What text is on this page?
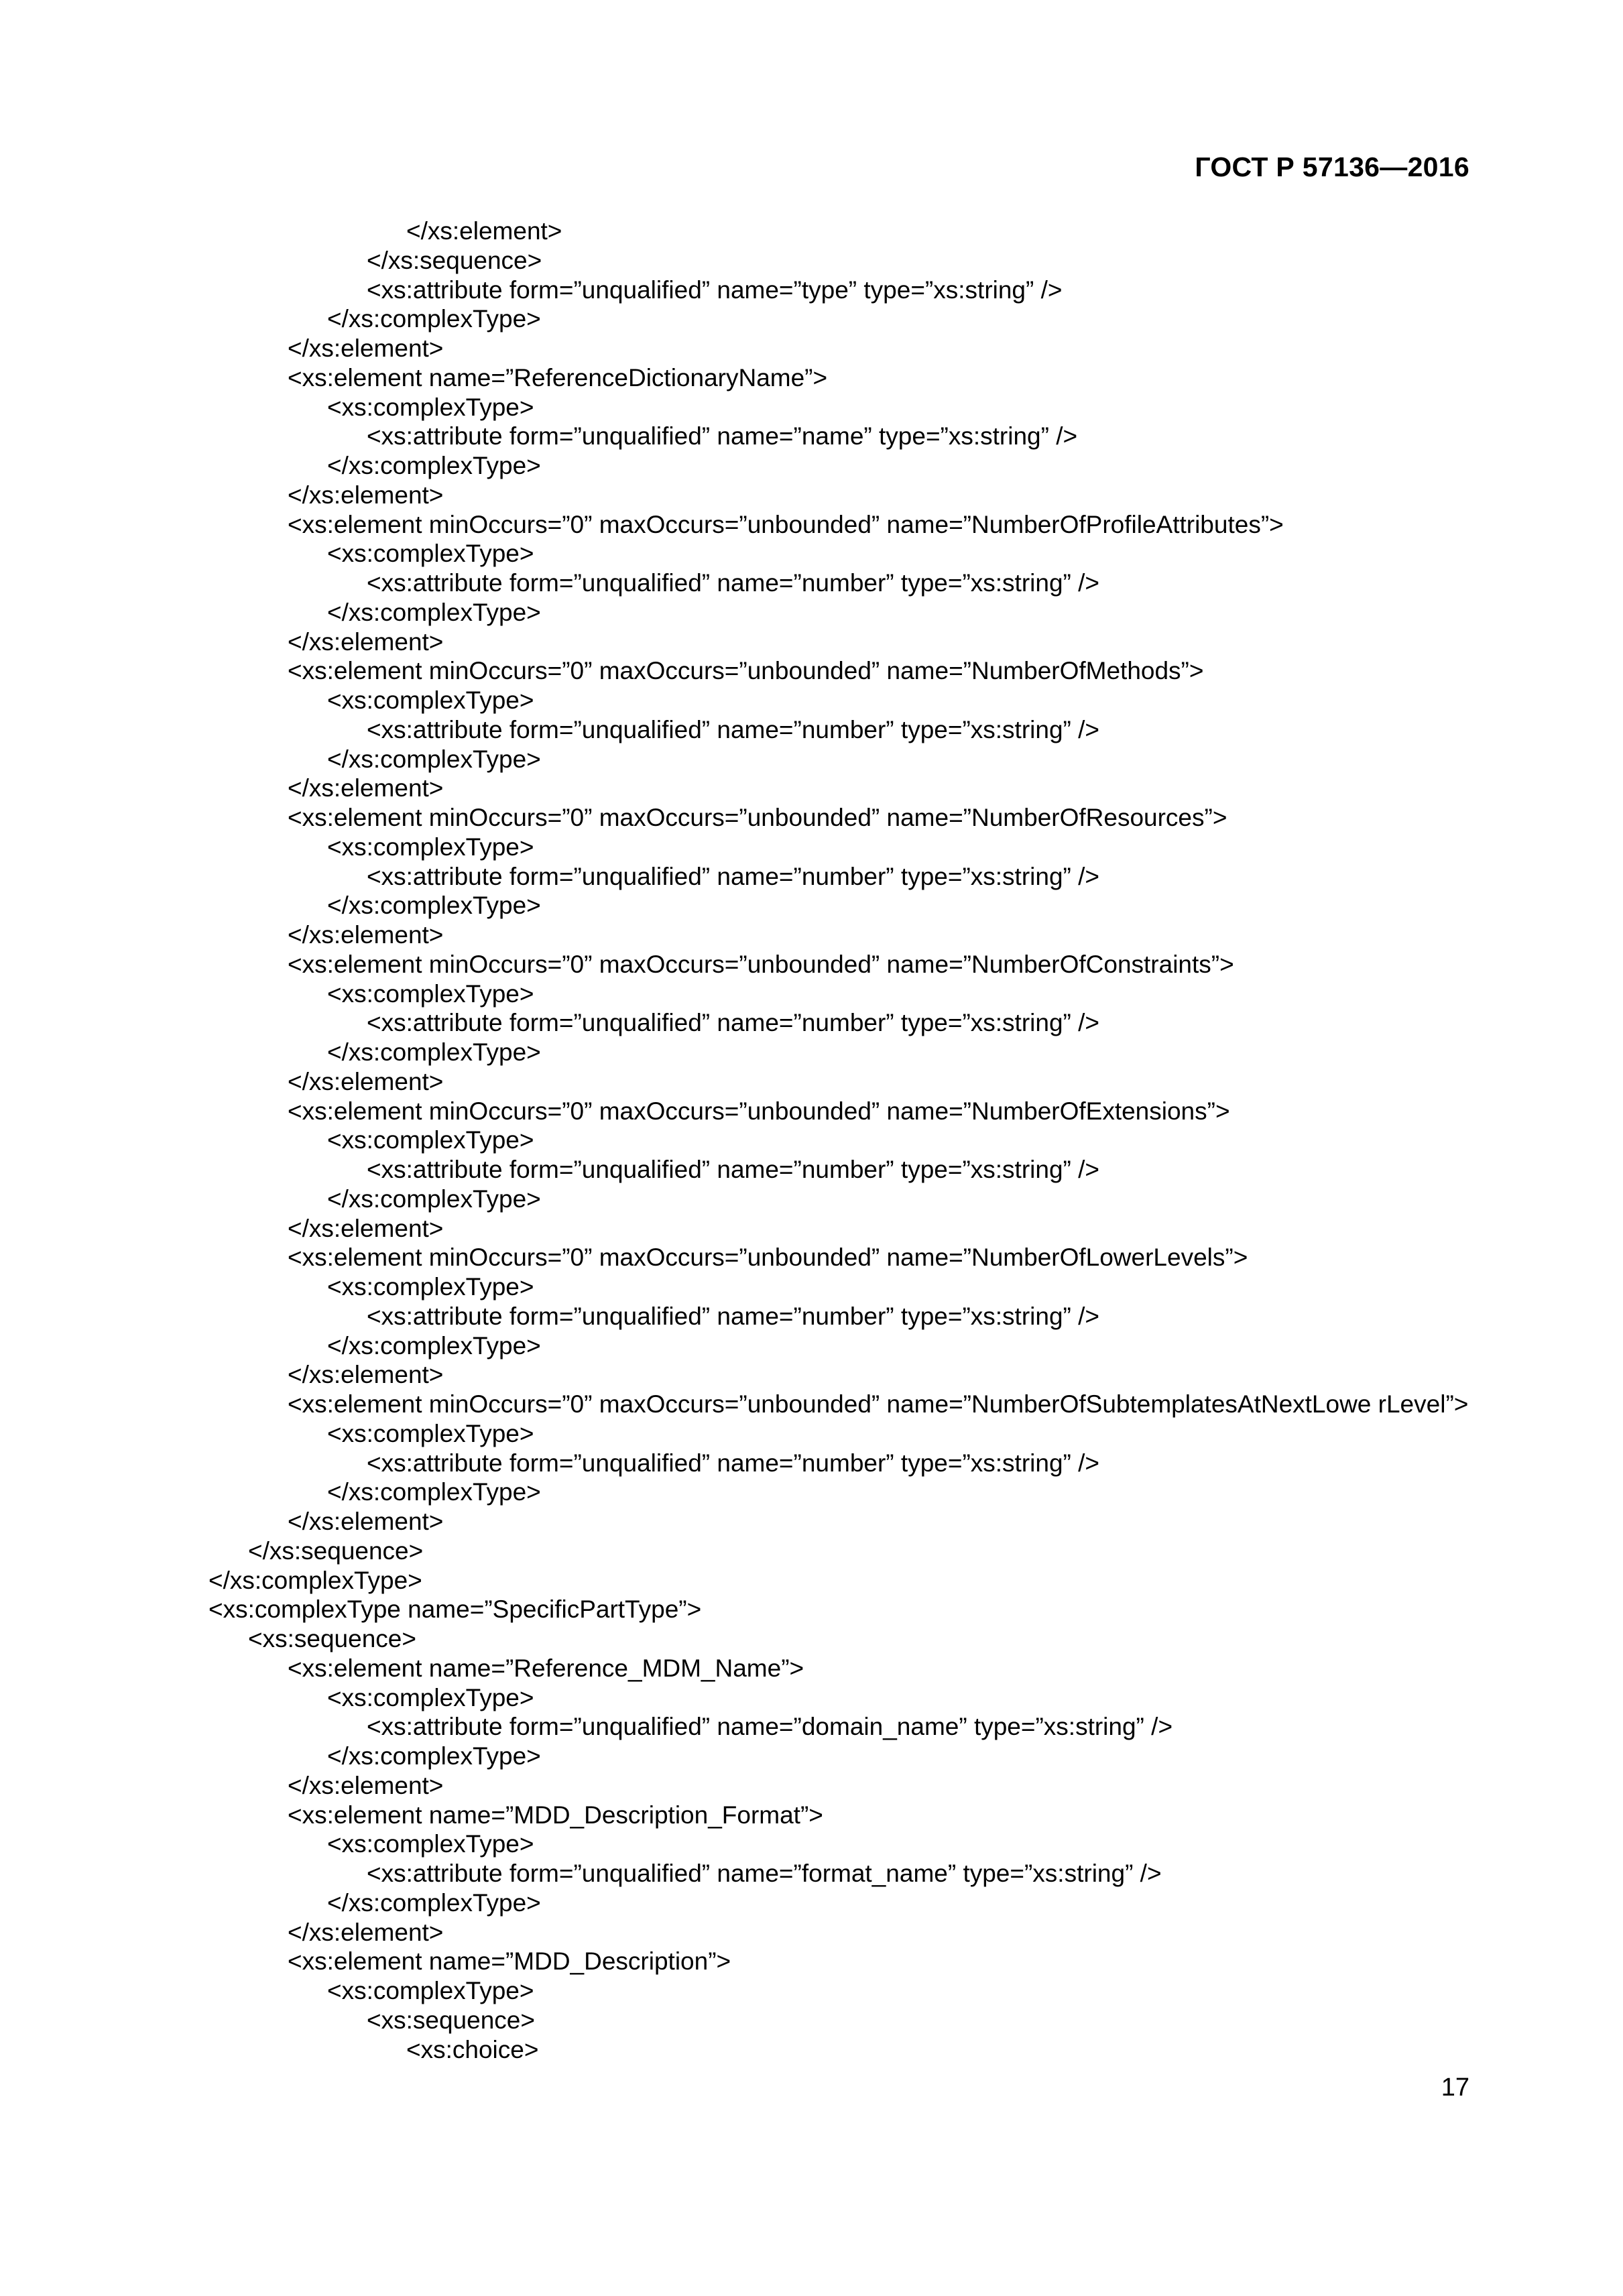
ГОСТ Р 57136—2016
</xs:element>
</xs:sequence>
<xs:attribute form=”unqualified” name=”type” type=”xs:string” />
</xs:complexType>
</xs:element>
<xs:element name=”ReferenceDictionaryName”>
<xs:complexType>
<xs:attribute form=”unqualified” name=”name” type=”xs:string” />
</xs:complexType>
</xs:element>
<xs:element minOccurs=”0” maxOccurs=”unbounded” name=”NumberOfProfileAttributes”>
<xs:complexType>
<xs:attribute form=”unqualified” name=”number” type=”xs:string” />
</xs:complexType>
</xs:element>
<xs:element minOccurs=”0” maxOccurs=”unbounded” name=”NumberOfMethods”>
<xs:complexType>
<xs:attribute form=”unqualified” name=”number” type=”xs:string” />
</xs:complexType>
</xs:element>
<xs:element minOccurs=”0” maxOccurs=”unbounded” name=”NumberOfResources”>
<xs:complexType>
<xs:attribute form=”unqualified” name=”number” type=”xs:string” />
</xs:complexType>
</xs:element>
<xs:element minOccurs=”0” maxOccurs=”unbounded” name=”NumberOfConstraints”>
<xs:complexType>
<xs:attribute form=”unqualified” name=”number” type=”xs:string” />
</xs:complexType>
</xs:element>
<xs:element minOccurs=”0” maxOccurs=”unbounded” name=”NumberOfExtensions”>
<xs:complexType>
<xs:attribute form=”unqualified” name=”number” type=”xs:string” />
</xs:complexType>
</xs:element>
<xs:element minOccurs=”0” maxOccurs=”unbounded” name=”NumberOfLowerLevels”>
<xs:complexType>
<xs:attribute form=”unqualified” name=”number” type=”xs:string” />
</xs:complexType>
</xs:element>
<xs:element minOccurs=”0” maxOccurs=”unbounded” name=”NumberOfSubtemplatesAtNextLowe rLevel”>
<xs:complexType>
<xs:attribute form=”unqualified” name=”number” type=”xs:string” />
</xs:complexType>
</xs:element>
</xs:sequence>
</xs:complexType>
<xs:complexType name=”SpecificPartType”>
<xs:sequence>
<xs:element name=”Reference_MDM_Name”>
<xs:complexType>
<xs:attribute form=”unqualified” name=”domain_name” type=”xs:string” />
</xs:complexType>
</xs:element>
<xs:element name=”MDD_Description_Format”>
<xs:complexType>
<xs:attribute form=”unqualified” name=”format_name” type=”xs:string” />
</xs:complexType>
</xs:element>
<xs:element name=”MDD_Description”>
<xs:complexType>
<xs:sequence>
<xs:choice>
17
